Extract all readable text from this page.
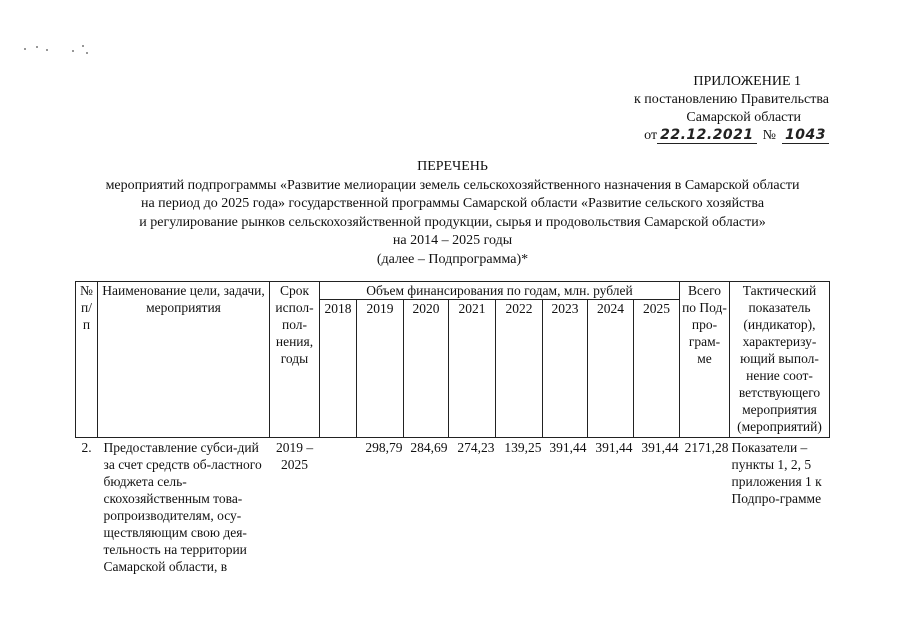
ПРИЛОЖЕНИЕ 1
к постановлению Правительства
Самарской области
от 22.12.2021 № 1043
ПЕРЕЧЕНЬ
мероприятий подпрограммы «Развитие мелиорации земель сельскохозяйственного назначения в Самарской области
на период до 2025 года» государственной программы Самарской области «Развитие сельского хозяйства
и регулирование рынков сельскохозяйственной продукции, сырья и продовольствия Самарской области»
на 2014 – 2025 годы
(далее – Подпрограмма)*
№ п/п	Наименование цели, задачи, мероприятия	Срок испол-пол-нения, годы	Объем финансирования по годам, млн. рублей								Всего по Под-про-грам-ме	Тактический показатель (индикатор), характеризу-ющий выпол-нение соот-ветствующего мероприятия (мероприятий)
			2018	2019	2020	2021	2022	2023	2024	2025		
2.	Предоставление субси-дий за счет средств об-ластного бюджета сель-скохозяйственным това-ропроизводителям, осу-ществляющим свою дея-тельность на территории Самарской области, в	2019 – 2025		298,79	284,69	274,23	139,25	391,44	391,44	391,44	2171,28	Показатели – пункты 1, 2, 5 приложения 1 к Подпро-грамме
